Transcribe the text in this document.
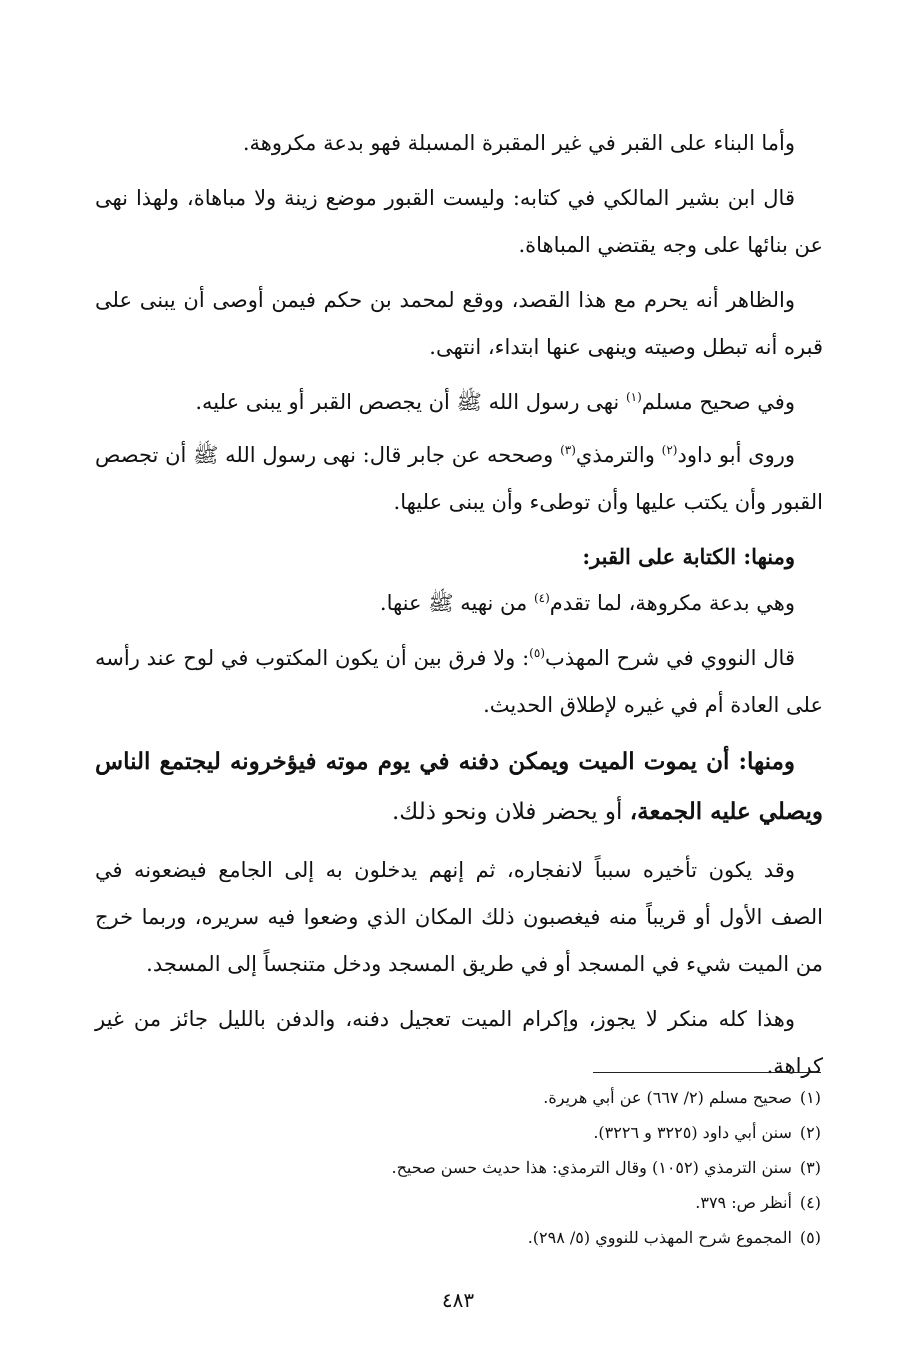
وأما البناء على القبر في غير المقبرة المسبلة فهو بدعة مكروهة.

قال ابن بشير المالكي في كتابه: وليست القبور موضع زينة ولا مباهاة، ولهذا نهى عن بنائها على وجه يقتضي المباهاة.

والظاهر أنه يحرم مع هذا القصد، ووقع لمحمد بن حكم فيمن أوصى أن يبنى على قبره أنه تبطل وصيته وينهى عنها ابتداء، انتهى.

وفي صحيح مسلم$^{(١)}$ نهى رسول الله ﷺ أن يجصص القبر أو يبنى عليه.

وروى أبو داود$^{(٢)}$ والترمذي$^{(٣)}$ وصححه عن جابر قال: نهى رسول الله ﷺ أن تجصص القبور وأن يكتب عليها وأن توطىء وأن يبنى عليها.

ومنها: الكتابة على القبر:

وهي بدعة مكروهة، لما تقدم$^{(٤)}$ من نهيه ﷺ عنها.

قال النووي في شرح المهذب$^{(٥)}$: ولا فرق بين أن يكون المكتوب في لوح عند رأسه على العادة أم في غيره لإطلاق الحديث.

ومنها: أن يموت الميت ويمكن دفنه في يوم موته فيؤخرونه ليجتمع الناس ويصلي عليه الجمعة، أو يحضر فلان ونحو ذلك.

وقد يكون تأخيره سبباً لانفجاره، ثم إنهم يدخلون به إلى الجامع فيضعونه في الصف الأول أو قريباً منه فيغصبون ذلك المكان الذي وضعوا فيه سريره، وربما خرج من الميت شيء في المسجد أو في طريق المسجد ودخل متنجساً إلى المسجد.

وهذا كله منكر لا يجوز، وإكرام الميت تعجيل دفنه، والدفن بالليل جائز من غير كراهة.

(١)
صحيح مسلم (٢/ ٦٦٧) عن أبي هريرة.
(٢)
سنن أبي داود (٣٢٢٥ و ٣٢٢٦).
(٣)
سنن الترمذي (١٠٥٢) وقال الترمذي: هذا حديث حسن صحيح.
(٤)
أنظر ص: ٣٧٩.
(٥)
المجموع شرح المهذب للنووي (٥/ ٢٩٨).
٤٨٣
